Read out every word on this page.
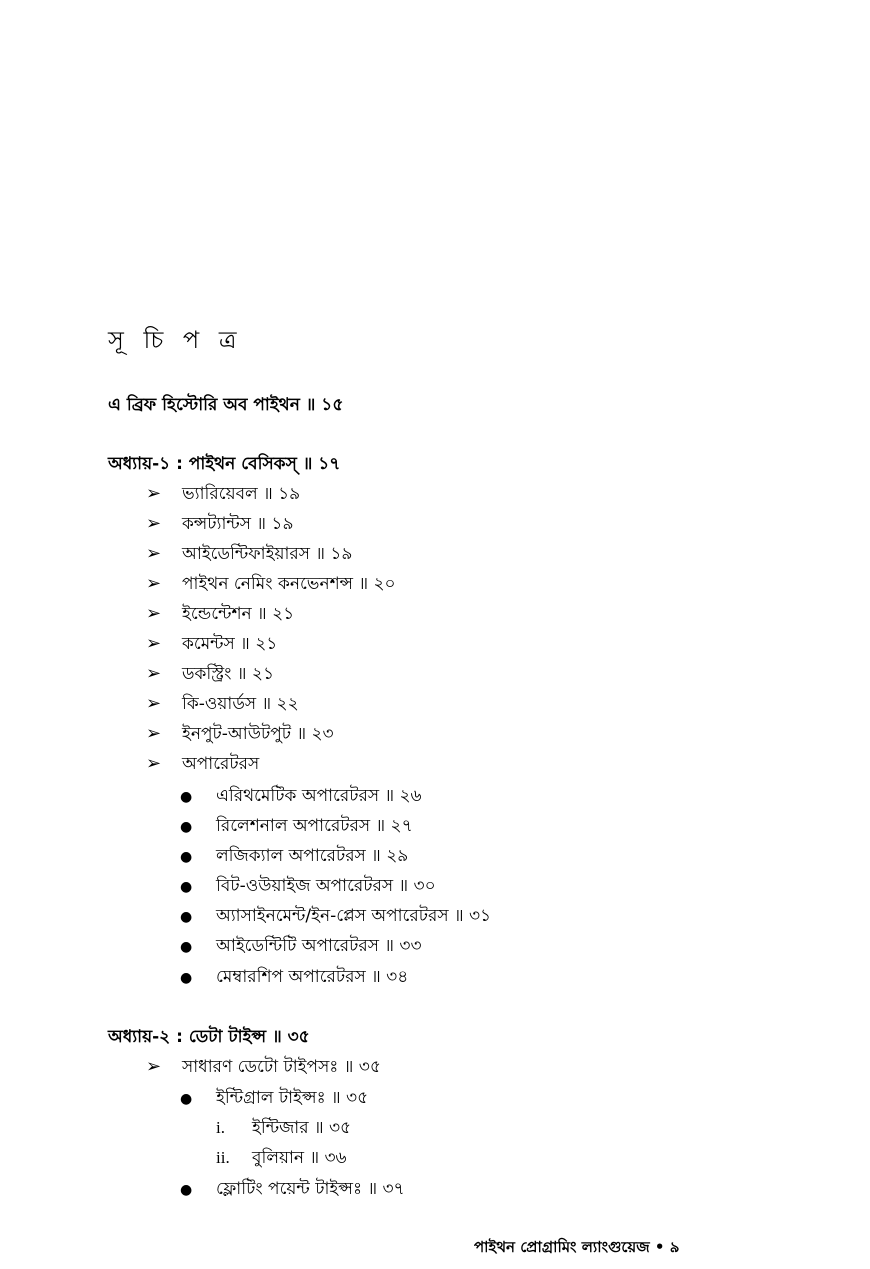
সূ চি প ত্র
এ ব্রিফ হিস্টোরি অব পাইথন ॥ ১৫
অধ্যায়-১ : পাইথন বেসিকস্ ॥ ১৭
➢ ভ্যারিয়েবল ॥ ১৯
➢ কন্সট্যান্টস ॥ ১৯
➢ আইডেন্টিফাইয়ারস ॥ ১৯
➢ পাইথন নেমিং কনভেনশন্স ॥ ২০
➢ ইন্ডেন্টেশন ॥ ২১
➢ কমেন্টস ॥ ২১
➢ ডকস্ট্রিং ॥ ২১
➢ কি-ওয়ার্ডস ॥ ২২
➢ ইনপুট-আউটপুট ॥ ২৩
➢ অপারেটরস
● এরিথমেটিক অপারেটরস ॥ ২৬
● রিলেশনাল অপারেটরস ॥ ২৭
● লজিক্যাল অপারেটরস ॥ ২৯
● বিট-ওউয়াইজ অপারেটরস ॥ ৩০
● অ্যাসাইনমেন্ট/ইন-প্লেস অপারেটরস ॥ ৩১
● আইডেন্টিটি অপারেটরস ॥ ৩৩
● মেম্বারশিপ অপারেটরস ॥ ৩৪
অধ্যায়-২ : ডেটা টাইপ্স ॥ ৩৫
➢ সাধারণ ডেটো টাইপসঃ ॥ ৩৫
● ইন্টিগ্রাল টাইপ্সঃ ॥ ৩৫
i. ইন্টিজার ॥ ৩৫
ii. বুলিয়ান ॥ ৩৬
● ফ্লোটিং পয়েন্ট টাইপ্সঃ ॥ ৩৭
পাইথন প্রোগ্রামিং ল্যাংগুয়েজ • ৯
